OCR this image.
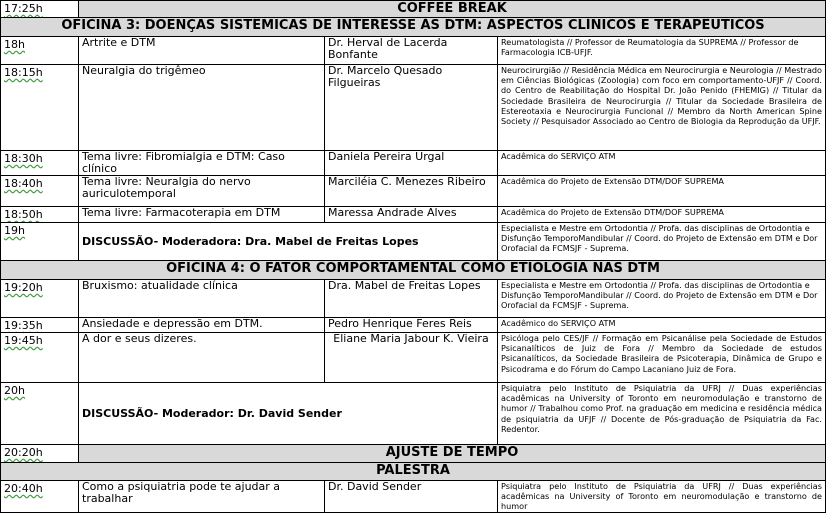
17:25h	COFFEE BREAK		
OFICINA 3: DOENÇAS SISTÊMICAS DE INTERESSE ÀS DTM: ASPECTOS CLÍNICOS E TERAPÊUTICOS			
18h	Artrite e DTM	Dr. Herval de Lacerda Bonfante	Reumatologista // Professor de Reumatologia da SUPREMA // Professor de Farmacologia ICB-UFJF.
18:15h	Neuralgia do trigêmeo	Dr. Marcelo Quesado Filgueiras	Neurocirurgião // Residência Médica em Neurocirurgia e Neurologia // Mestrado em Ciências Biológicas (Zoologia) com foco em comportamento-UFJF // Coord. do Centro de Reabilitação do Hospital Dr. João Penido (FHEMIG) // Titular da Sociedade Brasileira de Neurocirurgia // Titular da Sociedade Brasileira de Estereotaxia e Neurocirurgia Funcional // Membro da North American Spine Society // Pesquisador Associado ao Centro de Biologia da Reprodução da UFJF.
18:30h	Tema livre: Fibromialgia e DTM: Caso clínico	Daniela Pereira Urgal	Acadêmica do SERVIÇO ATM
18:40h	Tema livre: Neuralgia do nervo auriculotemporal	Marciléia C. Menezes Ribeiro	Acadêmica do Projeto de Extensão DTM/DOF SUPREMA
18:50h	Tema livre: Farmacoterapia em DTM	Maressa Andrade Alves	Acadêmica do Projeto de Extensão DTM/DOF SUPREMA
19h	DISCUSSÃO- Moderadora: Dra. Mabel de Freitas Lopes		Especialista e Mestre em Ortodontia // Profa. das disciplinas de Ortodontia e Disfunção TemporoMandibular // Coord. do Projeto de Extensão em DTM e Dor Orofacial da FCMSJF - Suprema.
OFICINA 4: O FATOR COMPORTAMENTAL COMO ETIOLOGIA NAS DTM			
19:20h	Bruxismo: atualidade clínica	Dra. Mabel de Freitas Lopes	Especialista e Mestre em Ortodontia // Profa. das disciplinas de Ortodontia e Disfunção TemporoMandibular // Coord. do Projeto de Extensão em DTM e Dor Orofacial da FCMSJF - Suprema.
19:35h	Ansiedade e depressão em DTM.	Pedro Henrique Feres Reis	Acadêmico do SERVIÇO ATM
19:45h	A dor e seus dizeres.	Eliane Maria Jabour K. Vieira	Psicóloga pelo CES/JF // Formação em Psicanálise pela Sociedade de Estudos Psicanalíticos de Juiz de Fora // Membro da Sociedade de estudos Psicanalíticos, da Sociedade Brasileira de Psicoterapia, Dinâmica de Grupo e Psicodrama e do Fórum do Campo Lacaniano Juiz de Fora.
20h	DISCUSSÃO- Moderador: Dr. David Sender		Psiquiatra pelo Instituto de Psiquiatria da UFRJ // Duas experiências acadêmicas na University of Toronto em neuromodulação e transtorno de humor // Trabalhou como Prof. na graduação em medicina e residência médica de psiquiatria da UFJF // Docente de Pós-graduação de Psiquiatria da Fac. Redentor.
20:20h	AJUSTE DE TEMPO		
PALESTRA			
20:40h	Como a psiquiatria pode te ajudar a trabalhar	Dr. David Sender	Psiquiatra pelo Instituto de Psiquiatria da UFRJ // Duas experiências acadêmicas na University of Toronto em neuromodulação e transtorno de humor
